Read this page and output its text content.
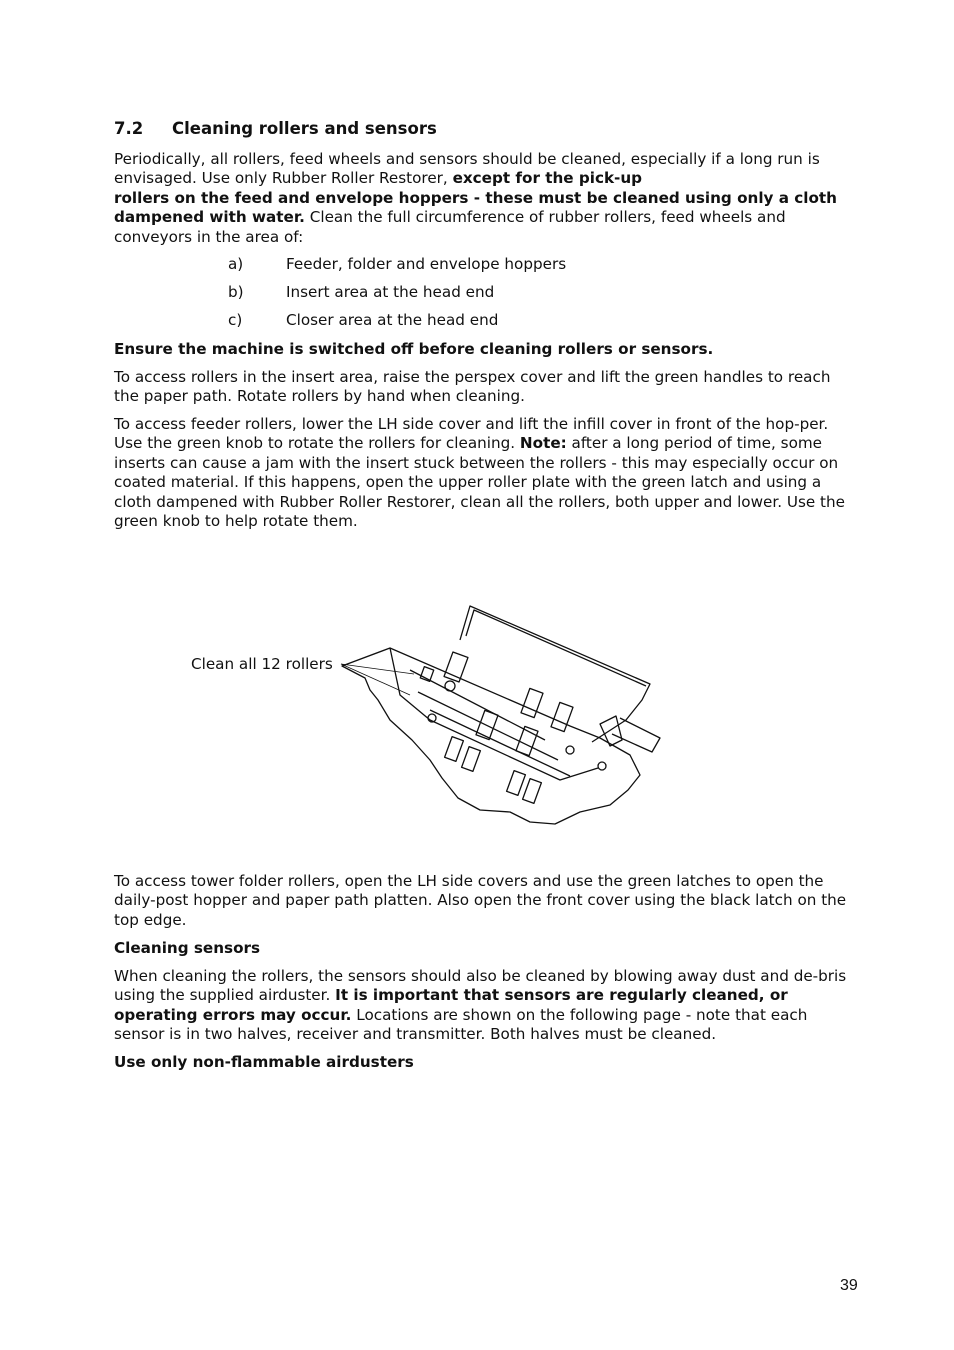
7.2 Cleaning rollers and sensors

Periodically, all rollers, feed wheels and sensors should be cleaned, especially if a long run is envisaged. Use only Rubber Roller Restorer, except for the pick-up
rollers on the feed and envelope hoppers - these must be cleaned using only a cloth dampened with water. Clean the full circumference of rubber rollers, feed wheels and conveyors in the area of:

a)	Feeder, folder and envelope hoppers
b)	Insert area at the head end
c)	Closer area at the head end

Ensure the machine is switched off before cleaning rollers or sensors.

To access rollers in the insert area, raise the perspex cover and lift the green handles to reach the paper path. Rotate rollers by hand when cleaning.

To access feeder rollers, lower the LH side cover and lift the infill cover in front of the hop-per. Use the green knob to rotate the rollers for cleaning. Note: after a long period of time, some inserts can cause a jam with the insert stuck between the rollers - this may especially occur on coated material. If this happens, open the upper roller plate with the green latch and using a cloth dampened with Rubber Roller Restorer, clean all the rollers, both upper and lower. Use the green knob to help rotate them.

Clean all 12 rollers

To access tower folder rollers, open the LH side covers and use the green latches to open the daily-post hopper and paper path platten. Also open the front cover using the black latch on the top edge.

Cleaning sensors

When cleaning the rollers, the sensors should also be cleaned by blowing away dust and de-bris using the supplied airduster. It is important that sensors are regularly cleaned, or operating errors may occur. Locations are shown on the following page - note that each sensor is in two halves, receiver and transmitter. Both halves must be cleaned.

Use only non-flammable airdusters

39
